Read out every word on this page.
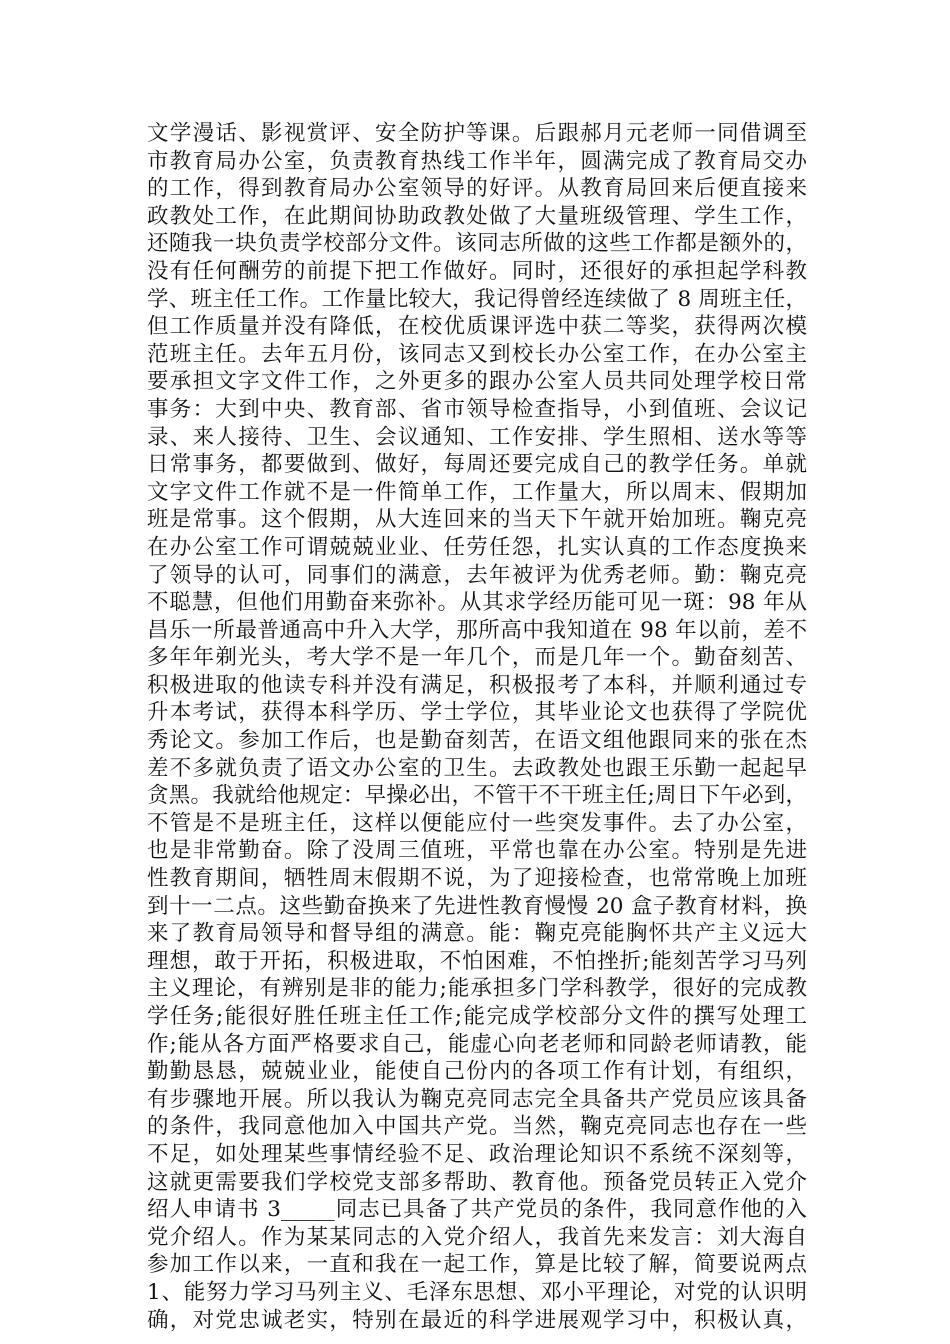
文学漫话、影视赏评、安全防护等课。后跟郝月元老师一同借调至
市教育局办公室，负责教育热线工作半年，圆满完成了教育局交办
的工作，得到教育局办公室领导的好评。从教育局回来后便直接来
政教处工作，在此期间协助政教处做了大量班级管理、学生工作，
还随我一块负责学校部分文件。该同志所做的这些工作都是额外的，
没有任何酬劳的前提下把工作做好。同时，还很好的承担起学科教
学、班主任工作。工作量比较大，我记得曾经连续做了 8 周班主任，
但工作质量并没有降低，在校优质课评选中获二等奖，获得两次模
范班主任。去年五月份，该同志又到校长办公室工作，在办公室主
要承担文字文件工作，之外更多的跟办公室人员共同处理学校日常
事务：大到中央、教育部、省市领导检查指导，小到值班、会议记
录、来人接待、卫生、会议通知、工作安排、学生照相、送水等等
日常事务，都要做到、做好，每周还要完成自己的教学任务。单就
文字文件工作就不是一件简单工作，工作量大，所以周末、假期加
班是常事。这个假期，从大连回来的当天下午就开始加班。鞠克亮
在办公室工作可谓兢兢业业、任劳任怨，扎实认真的工作态度换来
了领导的认可，同事们的满意，去年被评为优秀老师。勤：鞠克亮
不聪慧，但他们用勤奋来弥补。从其求学经历能可见一斑：98 年从
昌乐一所最普通高中升入大学，那所高中我知道在 98 年以前，差不
多年年剃光头，考大学不是一年几个，而是几年一个。勤奋刻苦、
积极进取的他读专科并没有满足，积极报考了本科，并顺利通过专
升本考试，获得本科学历、学士学位，其毕业论文也获得了学院优
秀论文。参加工作后，也是勤奋刻苦，在语文组他跟同来的张在杰
差不多就负责了语文办公室的卫生。去政教处也跟王乐勤一起起早
贪黑。我就给他规定：早操必出，不管干不干班主任;周日下午必到，
不管是不是班主任，这样以便能应付一些突发事件。去了办公室，
也是非常勤奋。除了没周三值班，平常也靠在办公室。特别是先进
性教育期间，牺牲周末假期不说，为了迎接检查，也常常晚上加班
到十一二点。这些勤奋换来了先进性教育慢慢 20 盒子教育材料，换
来了教育局领导和督导组的满意。能：鞠克亮能胸怀共产主义远大
理想，敢于开拓，积极进取，不怕困难，不怕挫折;能刻苦学习马列
主义理论，有辨别是非的能力;能承担多门学科教学，很好的完成教
学任务;能很好胜任班主任工作;能完成学校部分文件的撰写处理工
作;能从各方面严格要求自己，能虚心向老老师和同龄老师请教，能
勤勤恳恳，兢兢业业，能使自己份内的各项工作有计划，有组织，
有步骤地开展。所以我认为鞠克亮同志完全具备共产党员应该具备
的条件，我同意他加入中国共产党。当然，鞠克亮同志也存在一些
不足，如处理某些事情经验不足、政治理论知识不系统不深刻等，
这就更需要我们学校党支部多帮助、教育他。预备党员转正入党介
绍人申请书 3_____同志已具备了共产党员的条件，我同意作他的入
党介绍人。作为某某同志的入党介绍人，我首先来发言：刘大海自
参加工作以来，一直和我在一起工作，算是比较了解，简要说两点
1、能努力学习马列主义、毛泽东思想、邓小平理论，对党的认识明
确，对党忠诚老实，特别在最近的科学进展观学习中，积极认真，
